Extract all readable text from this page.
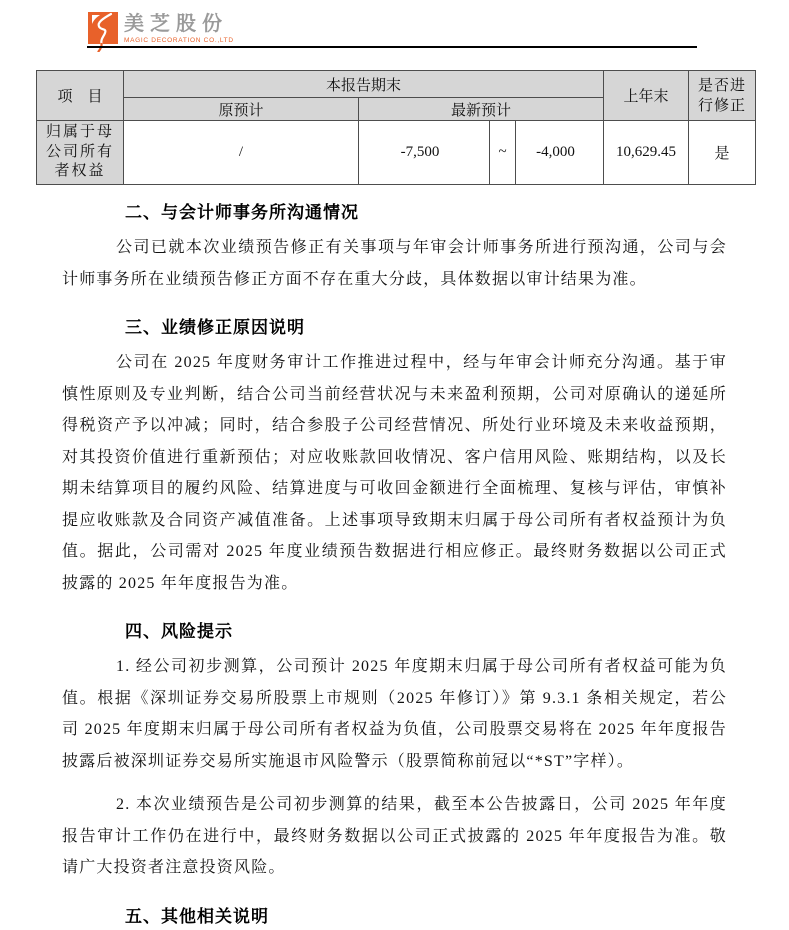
美芝股份
MAGIC DECORATION CO.,LTD
项　目	本报告期末				上年末	是否进行修正
	原预计	最新预计				
归属于母公司所有者权益	/	-7,500	~	-4,000	10,629.45	是
二、与会计师事务所沟通情况

公司已就本次业绩预告修正有关事项与年审会计师事务所进行预沟通，公司与会计师事务所在业绩预告修正方面不存在重大分歧，具体数据以审计结果为准。

三、业绩修正原因说明

公司在 2025 年度财务审计工作推进过程中，经与年审会计师充分沟通。基于审慎性原则及专业判断，结合公司当前经营状况与未来盈利预期，公司对原确认的递延所得税资产予以冲减；同时，结合参股子公司经营情况、所处行业环境及未来收益预期，对其投资价值进行重新预估；对应收账款回收情况、客户信用风险、账期结构，以及长期未结算项目的履约风险、结算进度与可收回金额进行全面梳理、复核与评估，审慎补提应收账款及合同资产减值准备。上述事项导致期末归属于母公司所有者权益预计为负值。据此，公司需对 2025 年度业绩预告数据进行相应修正。最终财务数据以公司正式披露的 2025 年年度报告为准。

四、风险提示

1. 经公司初步测算，公司预计 2025 年度期末归属于母公司所有者权益可能为负值。根据《深圳证券交易所股票上市规则（2025 年修订）》第 9.3.1 条相关规定，若公司 2025 年度期末归属于母公司所有者权益为负值，公司股票交易将在 2025 年年度报告披露后被深圳证券交易所实施退市风险警示（股票简称前冠以“*ST”字样）。

2. 本次业绩预告是公司初步测算的结果，截至本公告披露日，公司 2025 年年度报告审计工作仍在进行中，最终财务数据以公司正式披露的 2025 年年度报告为准。敬请广大投资者注意投资风险。

五、其他相关说明
